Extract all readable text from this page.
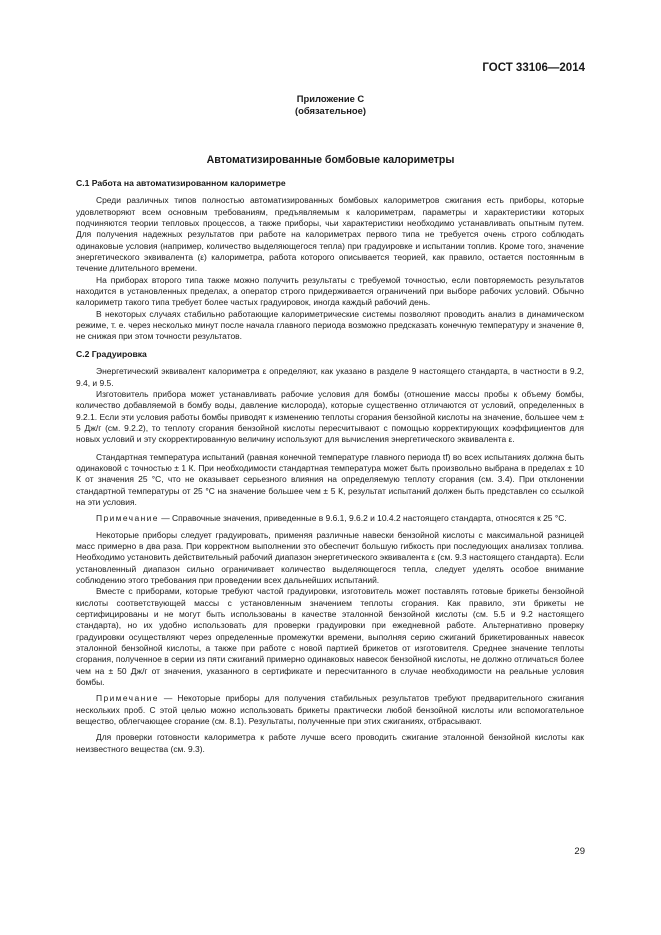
ГОСТ 33106—2014
Приложение С
(обязательное)
Автоматизированные бомбовые калориметры

С.1 Работа на автоматизированном калориметре

Среди различных типов полностью автоматизированных бомбовых калориметров сжигания есть приборы, которые удовлетворяют всем основным требованиям, предъявляемым к калориметрам, параметры и характеристики которых подчиняются теории тепловых процессов, а также приборы, чьи характеристики необходимо устанавливать опытным путем. Для получения надежных результатов при работе на калориметрах первого типа не требуется очень строго соблюдать одинаковые условия (например, количество выделяющегося тепла) при градуировке и испытании топлив. Кроме того, значение энергетического эквивалента (ε) калориметра, работа которого описывается теорией, как правило, остается постоянным в течение длительного времени.

На приборах второго типа также можно получить результаты с требуемой точностью, если повторяемость результатов находится в установленных пределах, а оператор строго придерживается ограничений при выборе рабочих условий. Обычно калориметр такого типа требует более частых градуировок, иногда каждый рабочий день.

В некоторых случаях стабильно работающие калориметрические системы позволяют проводить анализ в динамическом режиме, т. е. через несколько минут после начала главного периода возможно предсказать конечную температуру и значение θ, не снижая при этом точности результатов.

С.2 Градуировка

Энергетический эквивалент калориметра ε определяют, как указано в разделе 9 настоящего стандарта, в частности в 9.2, 9.4, и 9.5.

Изготовитель прибора может устанавливать рабочие условия для бомбы (отношение массы пробы к объему бомбы, количество добавляемой в бомбу воды, давление кислорода), которые существенно отличаются от условий, определенных в 9.2.1. Если эти условия работы бомбы приводят к изменению теплоты сгорания бензойной кислоты на значение, большее чем ± 5 Дж/г (см. 9.2.2), то теплоту сгорания бензойной кислоты пересчитывают с помощью корректирующих коэффициентов для новых условий и эту скорректированную величину используют для вычисления энергетического эквивалента ε.

Стандартная температура испытаний (равная конечной температуре главного периода tf) во всех испытаниях должна быть одинаковой с точностью ± 1 К. При необходимости стандартная температура может быть произвольно выбрана в пределах ± 10 К от значения 25 °С, что не оказывает серьезного влияния на определяемую теплоту сгорания (см. 3.4). При отклонении стандартной температуры от 25 °С на значение большее чем ± 5 К, результат испытаний должен быть представлен со ссылкой на эти условия.

Примечание — Справочные значения, приведенные в 9.6.1, 9.6.2 и 10.4.2 настоящего стандарта, относятся к 25 °С.

Некоторые приборы следует градуировать, применяя различные навески бензойной кислоты с максимальной разницей масс примерно в два раза. При корректном выполнении это обеспечит большую гибкость при последующих анализах топлива. Необходимо установить действительный рабочий диапазон энергетического эквивалента ε (см. 9.3 настоящего стандарта). Если установленный диапазон сильно ограничивает количество выделяющегося тепла, следует уделять особое внимание соблюдению этого требования при проведении всех дальнейших испытаний.

Вместе с приборами, которые требуют частой градуировки, изготовитель может поставлять готовые брикеты бензойной кислоты соответствующей массы с установленным значением теплоты сгорания. Как правило, эти брикеты не сертифицированы и не могут быть использованы в качестве эталонной бензойной кислоты (см. 5.5 и 9.2 настоящего стандарта), но их удобно использовать для проверки градуировки при ежедневной работе. Альтернативно проверку градуировки осуществляют через определенные промежутки времени, выполняя серию сжиганий брикетированных навесок эталонной бензойной кислоты, а также при работе с новой партией брикетов от изготовителя. Среднее значение теплоты сгорания, полученное в серии из пяти сжиганий примерно одинаковых навесок бензойной кислоты, не должно отличаться более чем на ± 50 Дж/г от значения, указанного в сертификате и пересчитанного в случае необходимости на реальные условия бомбы.

Примечание — Некоторые приборы для получения стабильных результатов требуют предварительного сжигания нескольких проб. С этой целью можно использовать брикеты практически любой бензойной кислоты или вспомогательное вещество, облегчающее сгорание (см. 8.1). Результаты, полученные при этих сжиганиях, отбрасывают.

Для проверки готовности калориметра к работе лучше всего проводить сжигание эталонной бензойной кислоты как неизвестного вещества (см. 9.3).

29
